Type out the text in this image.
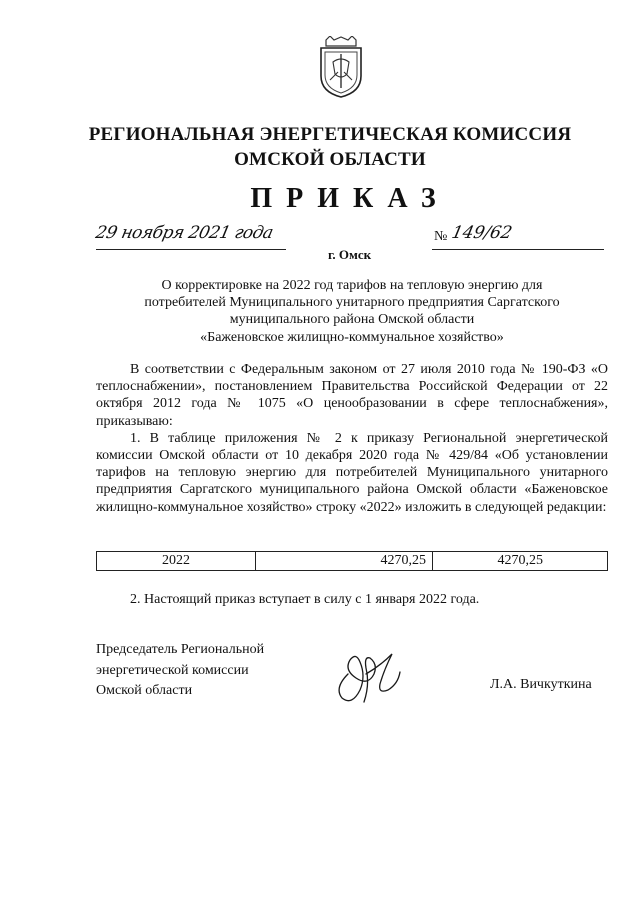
РЕГИОНАЛЬНАЯ ЭНЕРГЕТИЧЕСКАЯ КОМИССИЯ
ОМСКОЙ ОБЛАСТИ
ПРИКАЗ
29 ноября 2021 года
г. Омск
№ 149/62
О корректировке на 2022 год тарифов на тепловую энергию для
потребителей Муниципального унитарного предприятия Саргатского
муниципального района Омской области
«Баженовское жилищно-коммунальное хозяйство»

В соответствии с Федеральным законом от 27 июля 2010 года № 190-ФЗ «О теплоснабжении», постановлением Правительства Российской Федерации от 22 октября 2012 года № 1075 «О ценообразовании в сфере теплоснабжения», приказываю:

1. В таблице приложения № 2 к приказу Региональной энергетической комиссии Омской области от 10 декабря 2020 года № 429/84 «Об установлении тарифов на тепловую энергию для потребителей Муниципального унитарного предприятия Саргатского муниципального района Омской области «Баженовское жилищно-коммунальное хозяйство» строку «2022» изложить в следующей редакции:

2022	4270,25	4270,25
2. Настоящий приказ вступает в силу с 1 января 2022 года.
Председатель Региональной
энергетической комиссии
Омской области	Л.А. Вичкуткина
